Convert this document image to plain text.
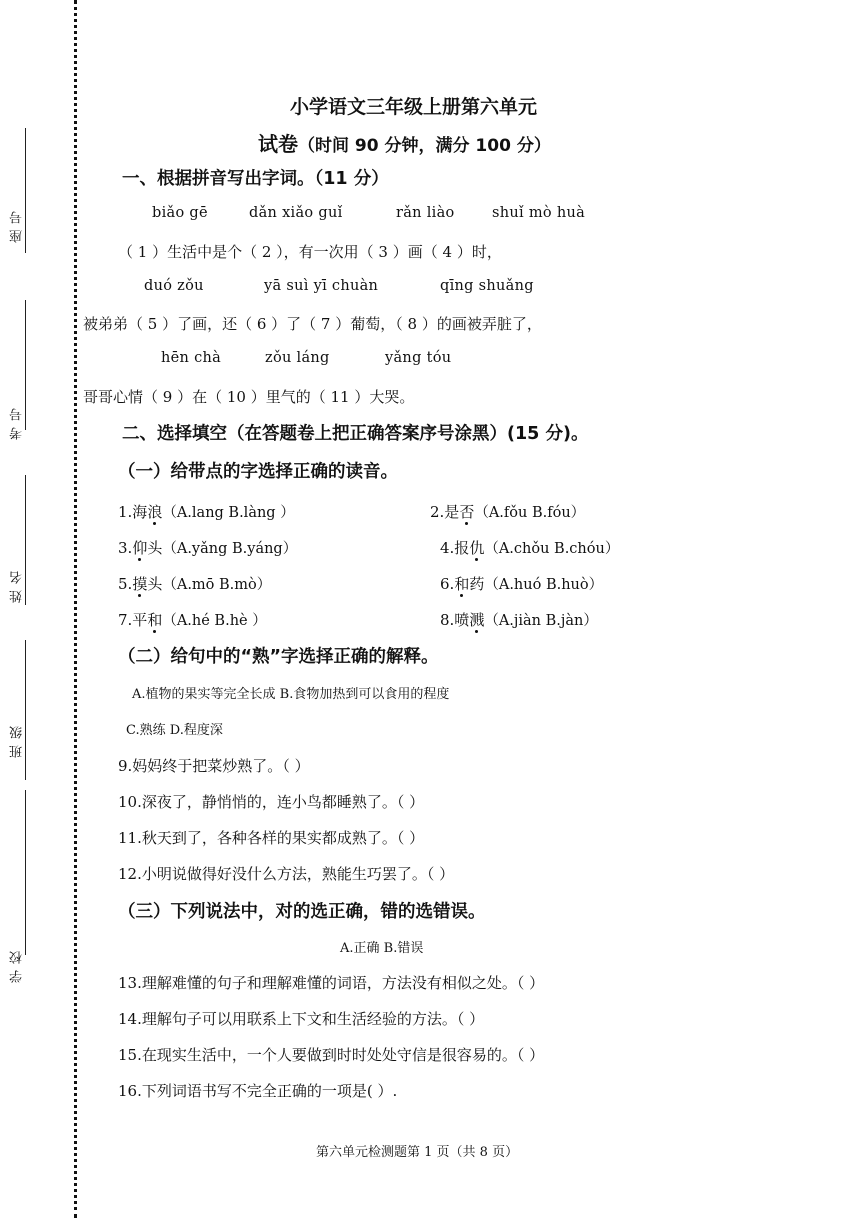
座号
考号
姓名
班级
学校
小学语文三年级上册第六单元
试卷（时间 90 分钟，满分 100 分）
一、根据拼音写出字词。（11 分）
biǎo gē	dǎn xiǎo guǐ	rǎn liào	shuǐ mò huà
（ 1 ）生活中是个（ 2 ），有一次用（ 3 ）画（ 4 ）时，
duó zǒu	yā suì yī chuàn	qīng shuǎng
被弟弟（ 5 ）了画，还（ 6 ）了（ 7 ）葡萄，（ 8 ）的画被弄脏了，
hēn chà	zǒu láng	yǎng tóu
哥哥心情（ 9 ）在（ 10 ）里气的（ 11 ）大哭。
二、选择填空（在答题卷上把正确答案序号涂黑）(15 分)。
（一）给带点的字选择正确的读音。
1.海浪（A.lang B.làng ）	2.是否（A.fǒu B.fóu）
3.仰头（A.yǎng B.yáng）	4.报仇（A.chǒu B.chóu）
5.摸头（A.mō B.mò）	6.和药（A.huó B.huò）
7.平和（A.hé B.hè ）	8.喷溅（A.jiàn B.jàn）
（二）给句中的“熟”字选择正确的解释。
A.植物的果实等完全长成 B.食物加热到可以食用的程度
C.熟练 D.程度深
9.妈妈终于把菜炒熟了。（ ）
10.深夜了，静悄悄的，连小鸟都睡熟了。（ ）
11.秋天到了，各种各样的果实都成熟了。（ ）
12.小明说做得好没什么方法，熟能生巧罢了。（ ）
（三）下列说法中，对的选正确，错的选错误。
A.正确 B.错误
13.理解难懂的句子和理解难懂的词语，方法没有相似之处。（ ）
14.理解句子可以用联系上下文和生活经验的方法。（ ）
15.在现实生活中，一个人要做到时时处处守信是很容易的。（ ）
16.下列词语书写不完全正确的一项是( ）.
第六单元检测题第 1 页（共 8 页）
